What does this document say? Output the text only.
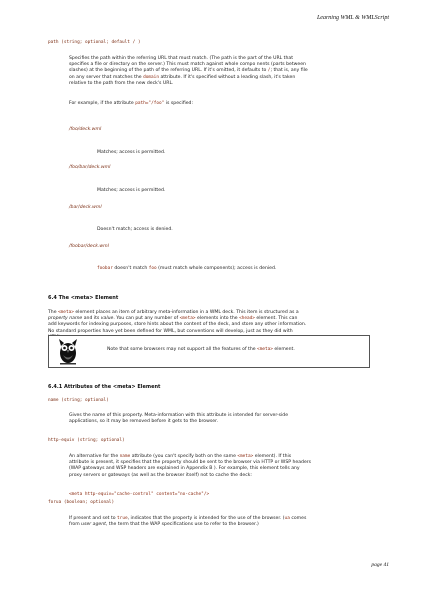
Learning WML & WMLScript
path (string; optional; default / )
Specifies the path within the referring URL that must match. (The path is the part of the URL that
specifies a file or directory on the server.) This must match against whole compo nents (parts between
slashes) at the beginning of the path of the referring URL. If it's omitted, it defaults to /; that is, any file
on any server that matches the domain attribute. If it's specified without a leading slash, it's taken
relative to the path from the new deck's URL.
For example, if the attribute path="/foo" is specified:
/foo/deck.wml
Matches; access is permitted.
/foo/bar/deck.wml
Matches; access is permitted.
/bar/deck.wml
Doesn't match; access is denied.
/foobar/deck.wml
foobar doesn't match foo (must match whole components); access is denied.
6.4 The <meta> Element
The <meta> element places an item of arbitrary meta-information in a WML deck. This item is structured as a
property name and its value. You can put any number of <meta> elements into the <head> element. This can
add keywords for indexing purposes, store hints about the content of the deck, and store any other information.
No standard properties have yet been defined for WML, but conventions will develop, just as they did with
Note that some browsers may not support all the features of the <meta> element.
6.4.1 Attributes of the <meta> Element
name (string; optional)
Gives the name of this property. Meta-information with this attribute is intended for server-side
applications, so it may be removed before it gets to the browser.
http-equiv (string; optional)
An alternative for the name attribute (you can't specify both on the same <meta> element). If this
attribute is present, it specifies that the property should be sent to the browser via HTTP or WSP headers
(WAP gateways and WSP headers are explained in Appendix B ). For example, this element tells any
proxy servers or gateways (as well as the browser itself) not to cache the deck:
<meta http-equiv="cache-control" content="no-cache"/>
forua (boolean; optional)
If present and set to true, indicates that the property is intended for the use of the browser. (ua comes
from user agent, the term that the WAP specifications use to refer to the browser.)
page 41
